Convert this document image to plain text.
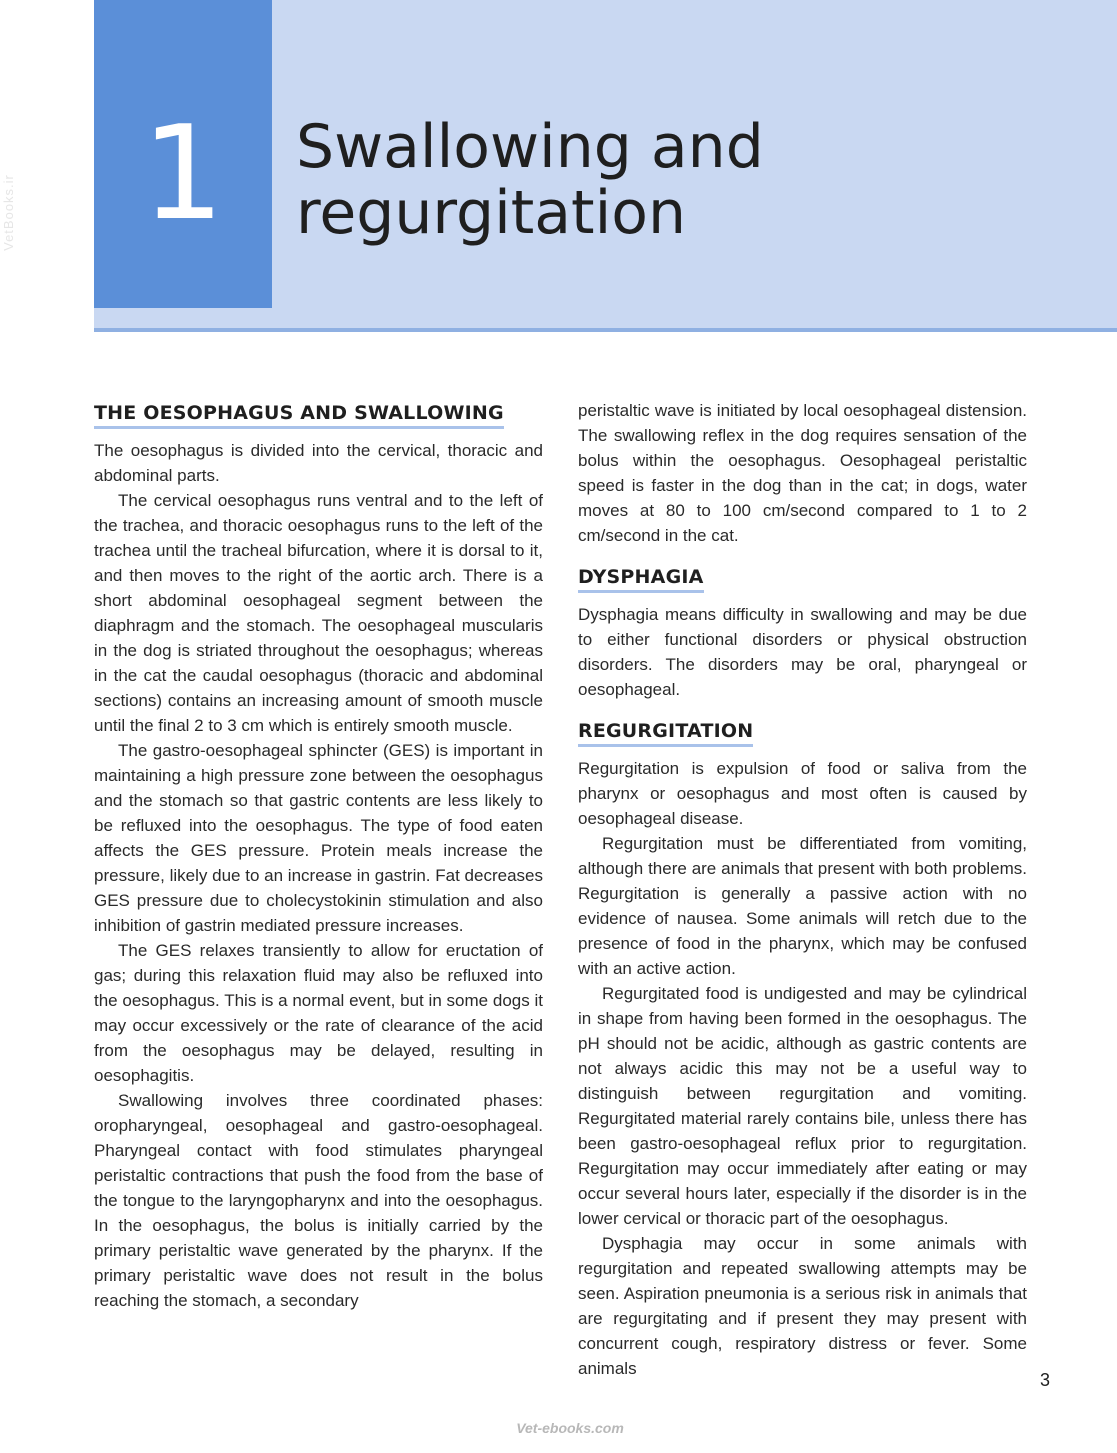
1	Swallowing and
regurgitation
VetBooks.ir
THE OESOPHAGUS AND SWALLOWING

The oesophagus is divided into the cervical, thoracic and abdominal parts.

The cervical oesophagus runs ventral and to the left of the trachea, and thoracic oesophagus runs to the left of the trachea until the tracheal bifurcation, where it is dorsal to it, and then moves to the right of the aortic arch. There is a short abdominal oesophageal segment between the diaphragm and the stomach. The oesophageal muscularis in the dog is striated throughout the oesophagus; whereas in the cat the caudal oesophagus (thoracic and abdominal sections) contains an increasing amount of smooth muscle until the final 2 to 3 cm which is entirely smooth muscle.

The gastro-oesophageal sphincter (GES) is important in maintaining a high pressure zone between the oesophagus and the stomach so that gastric contents are less likely to be refluxed into the oesophagus. The type of food eaten affects the GES pressure. Protein meals increase the pressure, likely due to an increase in gastrin. Fat decreases GES pressure due to cholecystokinin stimulation and also inhibition of gastrin mediated pressure increases.

The GES relaxes transiently to allow for eructation of gas; during this relaxation fluid may also be refluxed into the oesophagus. This is a normal event, but in some dogs it may occur excessively or the rate of clearance of the acid from the oesophagus may be delayed, resulting in oesophagitis.

Swallowing involves three coordinated phases: oropharyngeal, oesophageal and gastro-oesophageal. Pharyngeal contact with food stimulates pharyngeal peristaltic contractions that push the food from the base of the tongue to the laryngopharynx and into the oesophagus. In the oesophagus, the bolus is initially carried by the primary peristaltic wave generated by the pharynx. If the primary peristaltic wave does not result in the bolus reaching the stomach, a secondary

peristaltic wave is initiated by local oesophageal distension. The swallowing reflex in the dog requires sensation of the bolus within the oesophagus. Oesophageal peristaltic speed is faster in the dog than in the cat; in dogs, water moves at 80 to 100 cm/second compared to 1 to 2 cm/second in the cat.

DYSPHAGIA

Dysphagia means difficulty in swallowing and may be due to either functional disorders or physical obstruction disorders. The disorders may be oral, pharyngeal or oesophageal.

REGURGITATION

Regurgitation is expulsion of food or saliva from the pharynx or oesophagus and most often is caused by oesophageal disease.

Regurgitation must be differentiated from vomiting, although there are animals that present with both problems. Regurgitation is generally a passive action with no evidence of nausea. Some animals will retch due to the presence of food in the pharynx, which may be confused with an active action.

Regurgitated food is undigested and may be cylindrical in shape from having been formed in the oesophagus. The pH should not be acidic, although as gastric contents are not always acidic this may not be a useful way to distinguish between regurgitation and vomiting. Regurgitated material rarely contains bile, unless there has been gastro-oesophageal reflux prior to regurgitation. Regurgitation may occur immediately after eating or may occur several hours later, especially if the disorder is in the lower cervical or thoracic part of the oesophagus.

Dysphagia may occur in some animals with regurgitation and repeated swallowing attempts may be seen. Aspiration pneumonia is a serious risk in animals that are regurgitating and if present they may present with concurrent cough, respiratory distress or fever. Some animals

3
Vet-ebooks.com
